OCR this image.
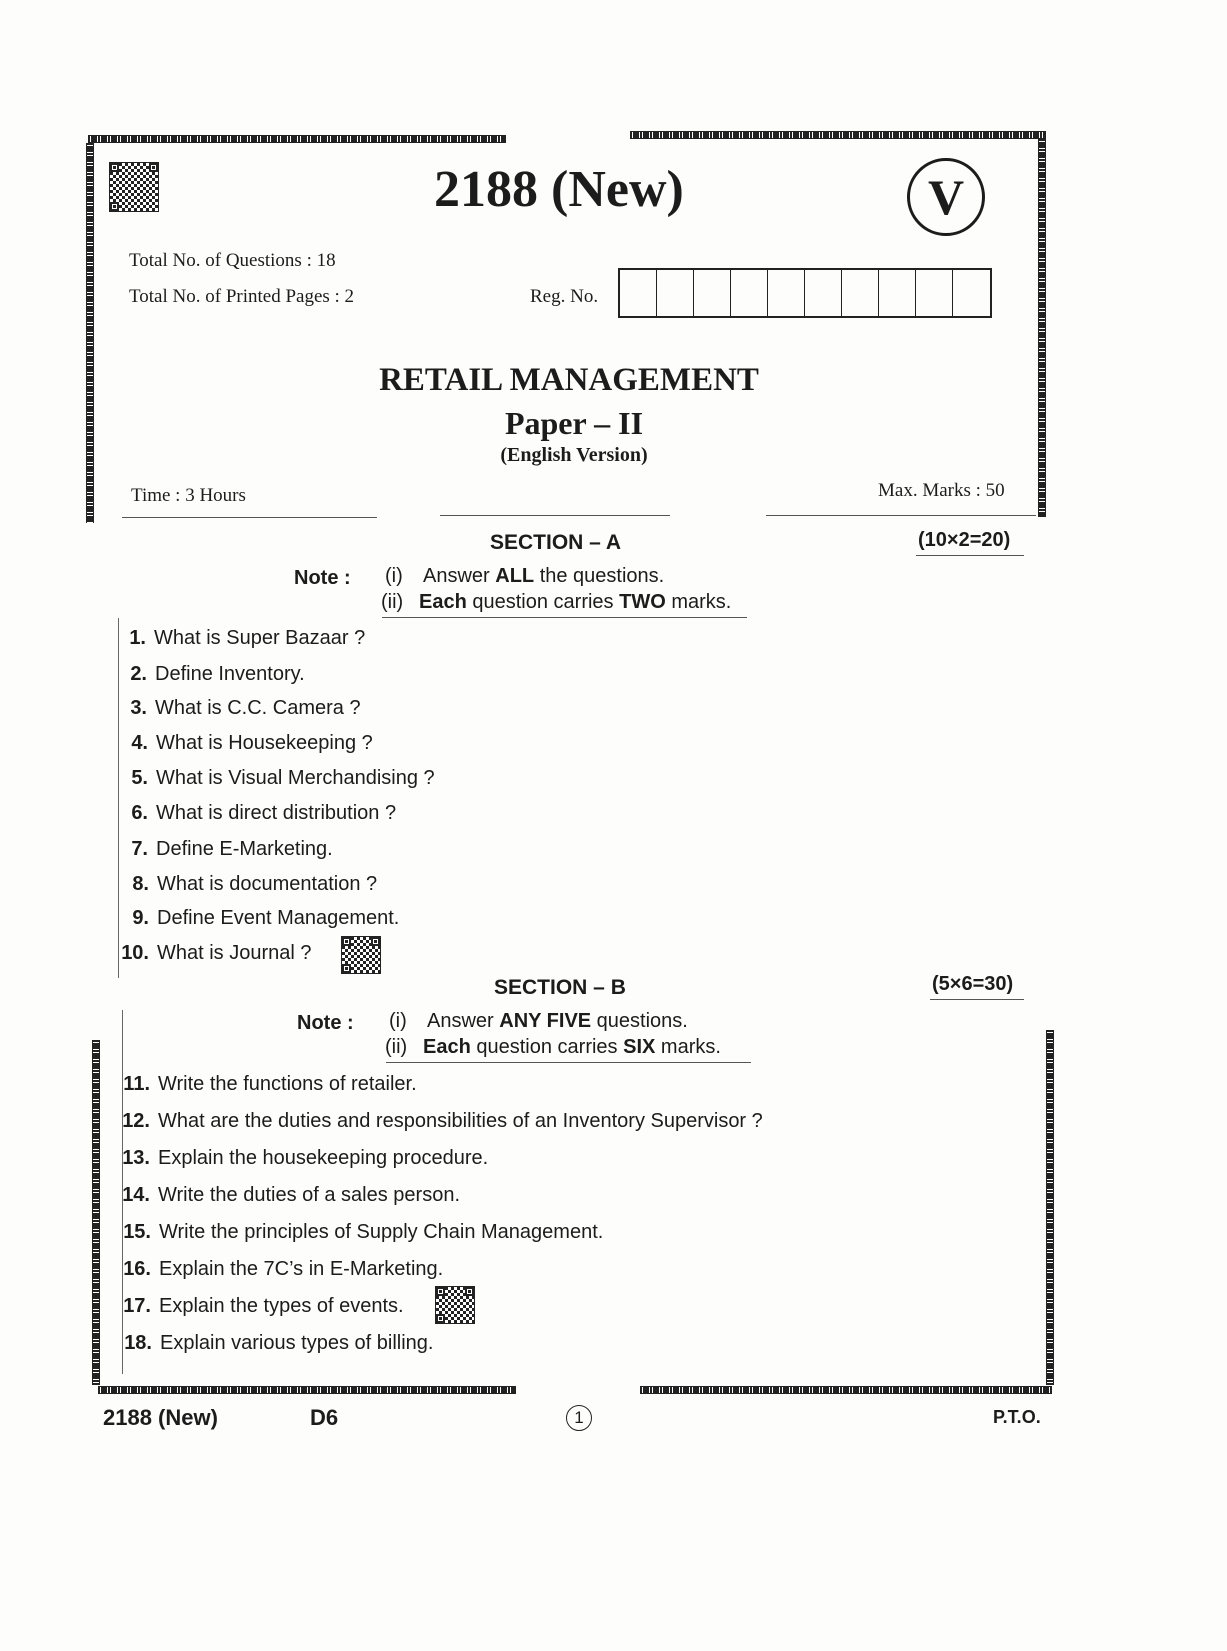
2188 (New)	V
Total No. of Questions : 18
Total No. of Printed Pages : 2	Reg. No.
RETAIL MANAGEMENT
Paper – II
(English Version)
Time : 3 Hours	Max. Marks : 50
SECTION – A	(10×2=20)
Note : (i) Answer ALL the questions.
(ii) Each question carries TWO marks.
1. What is Super Bazaar ?
2. Define Inventory.
3. What is C.C. Camera ?
4. What is Housekeeping ?
5. What is Visual Merchandising ?
6. What is direct distribution ?
7. Define E-Marketing.
8. What is documentation ?
9. Define Event Management.
10. What is Journal ?
SECTION – B	(5×6=30)
Note : (i) Answer ANY FIVE questions.
(ii) Each question carries SIX marks.
11. Write the functions of retailer.
12. What are the duties and responsibilities of an Inventory Supervisor ?
13. Explain the housekeeping procedure.
14. Write the duties of a sales person.
15. Write the principles of Supply Chain Management.
16. Explain the 7C’s in E-Marketing.
17. Explain the types of events.
18. Explain various types of billing.
2188 (New)	D6	1	P.T.O.
